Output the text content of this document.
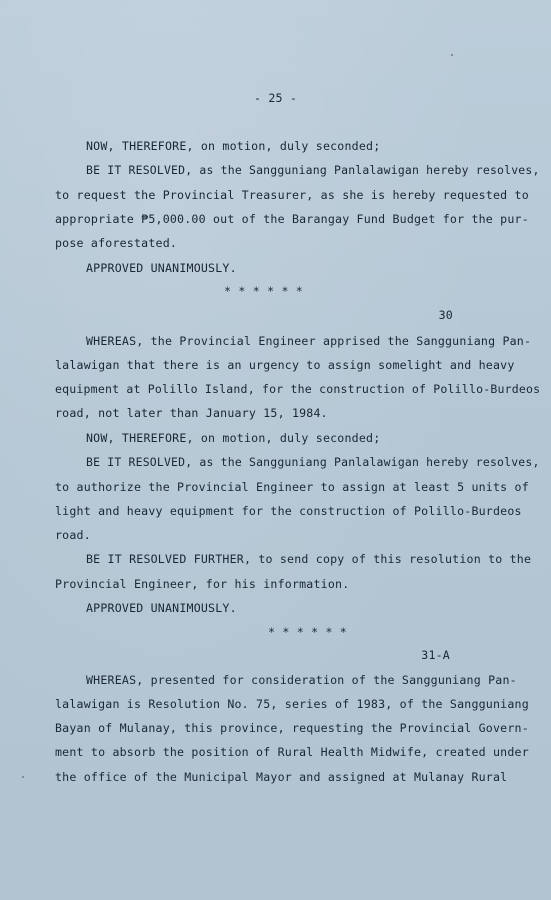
- 25 -

NOW, THEREFORE, on motion, duly seconded;

BE IT RESOLVED, as the Sangguniang Panlalawigan hereby resolves,

to request the Provincial Treasurer, as she is hereby requested to

appropriate ₱5,000.00 out of the Barangay Fund Budget for the pur-

pose aforestated.

APPROVED UNANIMOUSLY.

* * * * * *

30

WHEREAS, the Provincial Engineer apprised the Sangguniang Pan-

lalawigan that there is an urgency to assign somelight and heavy

equipment at Polillo Island, for the construction of Polillo-Burdeos

road, not later than January 15, 1984.

NOW, THEREFORE, on motion, duly seconded;

BE IT RESOLVED, as the Sangguniang Panlalawigan hereby resolves,

to authorize the Provincial Engineer to assign at least 5 units of

light and heavy equipment for the construction of Polillo-Burdeos

road.

BE IT RESOLVED FURTHER, to send copy of this resolution to the

Provincial Engineer, for his information.

APPROVED UNANIMOUSLY.

* * * * * *

31-A

WHEREAS, presented for consideration of the Sangguniang Pan-

lalawigan is Resolution No. 75, series of 1983, of the Sangguniang

Bayan of Mulanay, this province, requesting the Provincial Govern-

ment to absorb the position of Rural Health Midwife, created under

the office of the Municipal Mayor and assigned at Mulanay Rural
